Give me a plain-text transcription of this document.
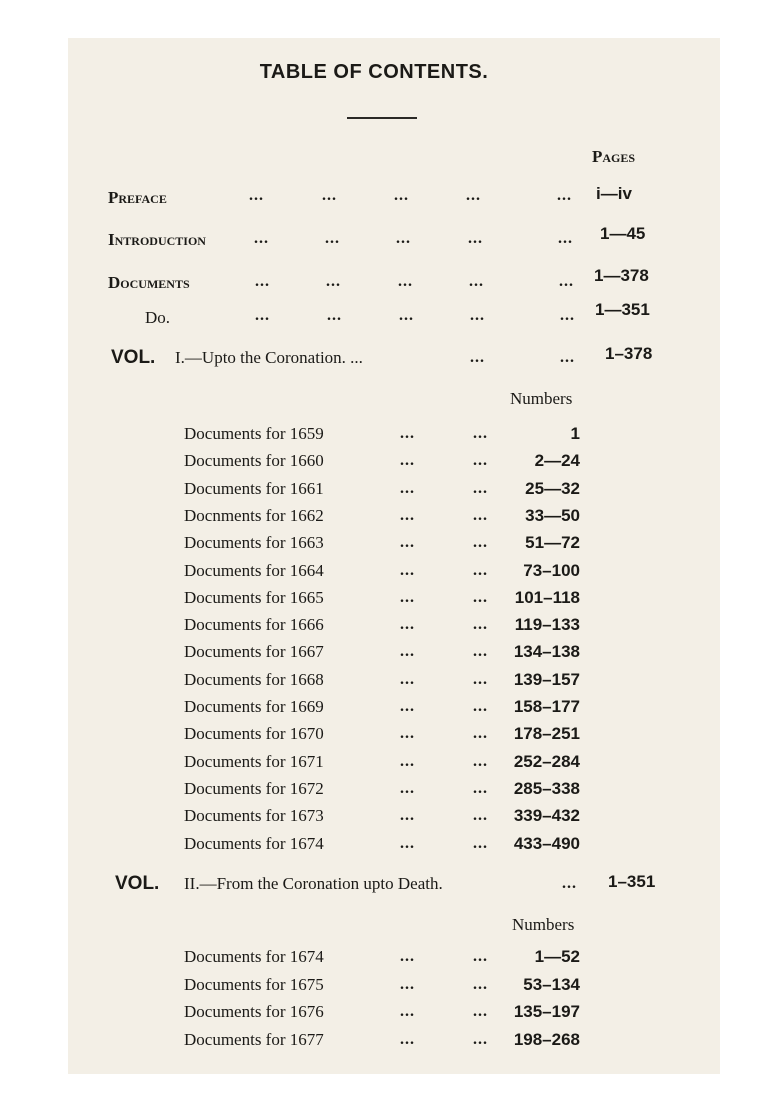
TABLE OF CONTENTS.
Pages
Preface	...	...	...	...	... i—iv
Introduction	...	...	...	...	... 1—45
Documents	...	...	...	...	... 1—378
Do.	...	...	...	...	... 1—351
VOL. I.—Upto the Coronation. ...	...	... 1–378
Numbers
Documents for 1659	...	...	1
Documents for 1660	...	...	2—24
Documents for 1661	...	... 25—32
Docnments for 1662	...	... 33—50
Documents for 1663	...	... 51—72
Documents for 1664	...	... 73–100
Documents for 1665	...	... 101–118
Documents for 1666	...	... 119–133
Documents for 1667	...	... 134–138
Documents for 1668	...	... 139–157
Documents for 1669	...	... 158–177
Documents for 1670	...	... 178–251
Documents for 1671	...	... 252–284
Documents for 1672	...	... 285–338
Documents for 1673	...	... 339–432
Documents for 1674	...	... 433–490
VOL. II.—From the Coronation upto Death.	... 1–351
Numbers
Documents for 1674	...	...	1—52
Documents for 1675	...	... 53–134
Documents for 1676	...	... 135–197
Documents for 1677	...	... 198–268
